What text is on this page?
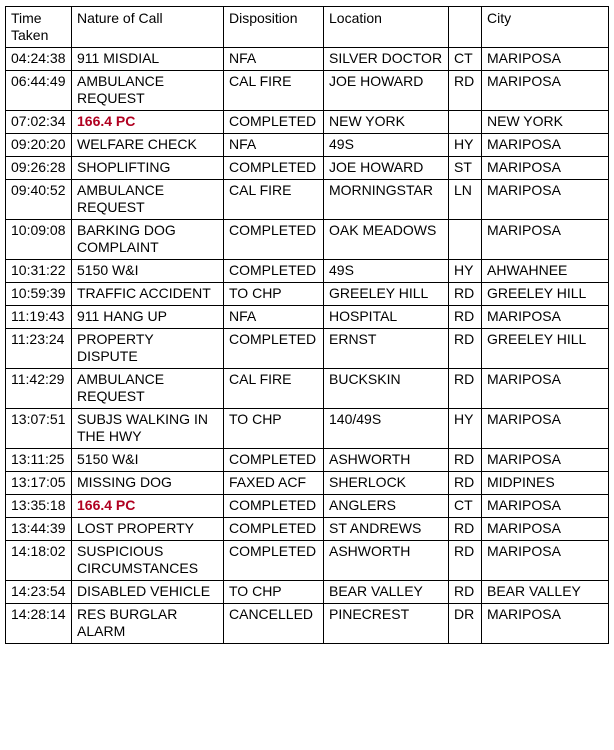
Time Taken	Nature of Call	Disposition	Location		City
04:24:38	911 MISDIAL	NFA	SILVER DOCTOR	CT	MARIPOSA
06:44:49	AMBULANCE REQUEST	CAL FIRE	JOE HOWARD	RD	MARIPOSA
07:02:34	166.4 PC	COMPLETED	NEW YORK		NEW YORK
09:20:20	WELFARE CHECK	NFA	49S	HY	MARIPOSA
09:26:28	SHOPLIFTING	COMPLETED	JOE HOWARD	ST	MARIPOSA
09:40:52	AMBULANCE REQUEST	CAL FIRE	MORNINGSTAR	LN	MARIPOSA
10:09:08	BARKING DOG COMPLAINT	COMPLETED	OAK MEADOWS		MARIPOSA
10:31:22	5150 W&I	COMPLETED	49S	HY	AHWAHNEE
10:59:39	TRAFFIC ACCIDENT	TO CHP	GREELEY HILL	RD	GREELEY HILL
11:19:43	911 HANG UP	NFA	HOSPITAL	RD	MARIPOSA
11:23:24	PROPERTY DISPUTE	COMPLETED	ERNST	RD	GREELEY HILL
11:42:29	AMBULANCE REQUEST	CAL FIRE	BUCKSKIN	RD	MARIPOSA
13:07:51	SUBJS WALKING IN THE HWY	TO CHP	140/49S	HY	MARIPOSA
13:11:25	5150 W&I	COMPLETED	ASHWORTH	RD	MARIPOSA
13:17:05	MISSING DOG	FAXED ACF	SHERLOCK	RD	MIDPINES
13:35:18	166.4 PC	COMPLETED	ANGLERS	CT	MARIPOSA
13:44:39	LOST PROPERTY	COMPLETED	ST ANDREWS	RD	MARIPOSA
14:18:02	SUSPICIOUS CIRCUMSTANCES	COMPLETED	ASHWORTH	RD	MARIPOSA
14:23:54	DISABLED VEHICLE	TO CHP	BEAR VALLEY	RD	BEAR VALLEY
14:28:14	RES BURGLAR ALARM	CANCELLED	PINECREST	DR	MARIPOSA
